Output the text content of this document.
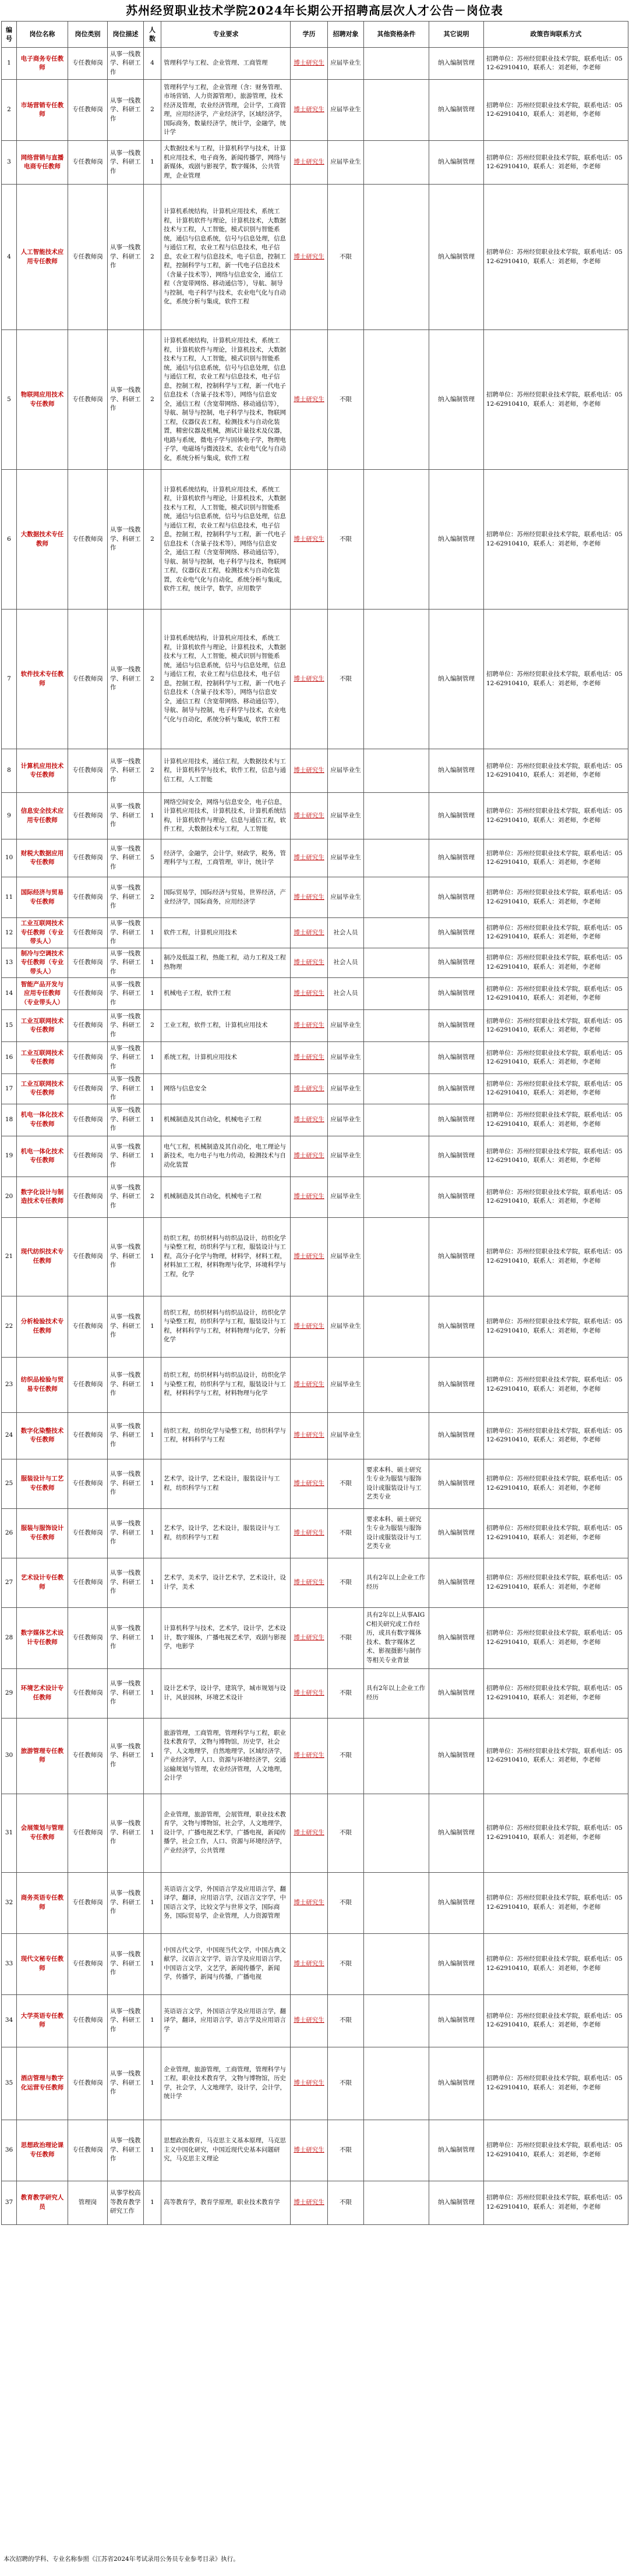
苏州经贸职业技术学院2024年长期公开招聘高层次人才公告－岗位表
编号	岗位名称	岗位类别	岗位描述	人数	专业要求	学历	招聘对象	其他资格条件	其它说明	政策咨询联系方式
1	电子商务专任教师	专任教师岗	从事一线教学、科研工作	4	管理科学与工程、企业管理、工商管理	博士研究生	应届毕业生		纳入编制管理	招聘单位：苏州经贸职业技术学院，联系电话：0512-62910410，联系人：刘老师，李老师
2	市场营销专任教师	专任教师岗	从事一线教学、科研工作	2	管理科学与工程，企业管理（含：财务管理、市场营销、人力资源管理），旅游管理，技术经济及管理，农业经济管理，会计学，工商管理，应用经济学，产业经济学，区域经济学，国际商务，数量经济学，统计学，金融学，统计学	博士研究生	应届毕业生		纳入编制管理	招聘单位：苏州经贸职业技术学院，联系电话：0512-62910410，联系人：刘老师，李老师
3	网络营销与直播电商专任教师	专任教师岗	从事一线教学、科研工作	1	大数据技术与工程，计算机科学与技术，计算机应用技术，电子商务，新闻传播学，网络与新媒体，戏剧与影视学，数字媒体，公共管理，企业管理	博士研究生	应届毕业生		纳入编制管理	招聘单位：苏州经贸职业技术学院，联系电话：0512-62910410，联系人：刘老师，李老师
4	人工智能技术应用专任教师	专任教师岗	从事一线教学、科研工作	2	计算机系统结构，计算机应用技术，系统工程，计算机软件与理论，计算机技术，大数据技术与工程，人工智能，模式识别与智能系统，通信与信息系统，信号与信息处理，信息与通信工程，农业工程与信息技术，电子信息，农业工程与信息技术，电子信息，控制工程，控制科学与工程，新一代电子信息技术（含量子技术等），网络与信息安全，通信工程（含宽带网络、移动通信等），导航、制导与控制，电子科学与技术，农业电气化与自动化，系统分析与集成，软件工程	博士研究生	不限		纳入编制管理	招聘单位：苏州经贸职业技术学院，联系电话：0512-62910410，联系人：刘老师，李老师
5	物联网应用技术专任教师	专任教师岗	从事一线教学、科研工作	2	计算机系统结构，计算机应用技术，系统工程，计算机软件与理论，计算机技术，大数据技术与工程，人工智能，模式识别与智能系统，通信与信息系统，信号与信息处理，信息与通信工程，农业工程与信息技术，电子信息，控制工程，控制科学与工程，新一代电子信息技术（含量子技术等），网络与信息安全，通信工程（含宽带网络、移动通信等），导航、制导与控制，电子科学与技术，物联网工程，仪器仪表工程，检测技术与自动化装置，精密仪器及机械，测试计量技术及仪器，电路与系统，微电子学与固体电子学，物理电子学，电磁场与微波技术，农业电气化与自动化，系统分析与集成，软件工程	博士研究生	不限		纳入编制管理	招聘单位：苏州经贸职业技术学院，联系电话：0512-62910410，联系人：刘老师，李老师
6	大数据技术专任教师	专任教师岗	从事一线教学、科研工作	2	计算机系统结构，计算机应用技术，系统工程，计算机软件与理论，计算机技术，大数据技术与工程，人工智能，模式识别与智能系统，通信与信息系统，信号与信息处理，信息与通信工程，农业工程与信息技术，电子信息，控制工程，控制科学与工程，新一代电子信息技术（含量子技术等），网络与信息安全，通信工程（含宽带网络、移动通信等），导航、制导与控制，电子科学与技术，物联网工程，仪器仪表工程，检测技术与自动化装置，农业电气化与自动化，系统分析与集成，软件工程，统计学，数学，应用数学	博士研究生	不限		纳入编制管理	招聘单位：苏州经贸职业技术学院，联系电话：0512-62910410，联系人：刘老师，李老师
7	软件技术专任教师	专任教师岗	从事一线教学、科研工作	2	计算机系统结构，计算机应用技术，系统工程，计算机软件与理论，计算机技术，大数据技术与工程，人工智能，模式识别与智能系统，通信与信息系统，信号与信息处理，信息与通信工程，农业工程与信息技术，电子信息，控制工程，控制科学与工程，新一代电子信息技术（含量子技术等），网络与信息安全，通信工程（含宽带网络、移动通信等），导航、制导与控制，电子科学与技术，农业电气化与自动化，系统分析与集成，软件工程	博士研究生	不限		纳入编制管理	招聘单位：苏州经贸职业技术学院，联系电话：0512-62910410，联系人：刘老师，李老师
8	计算机应用技术专任教师	专任教师岗	从事一线教学、科研工作	2	计算机应用技术，通信工程，大数据技术与工程，计算机科学与技术，软件工程，信息与通信工程，人工智能	博士研究生	应届毕业生		纳入编制管理	招聘单位：苏州经贸职业技术学院，联系电话：0512-62910410，联系人：刘老师，李老师
9	信息安全技术应用专任教师	专任教师岗	从事一线教学、科研工作	1	网络空间安全，网络与信息安全，电子信息，计算机应用技术，计算机技术，计算机系统结构，计算机软件与理论，信息与通信工程，软件工程，大数据技术与工程，人工智能	博士研究生	应届毕业生		纳入编制管理	招聘单位：苏州经贸职业技术学院，联系电话：0512-62910410，联系人：刘老师，李老师
10	财税大数据应用专任教师	专任教师岗	从事一线教学、科研工作	5	经济学，金融学，会计学，财政学，税务，管理科学与工程，工商管理，审计，统计学	博士研究生	应届毕业生		纳入编制管理	招聘单位：苏州经贸职业技术学院，联系电话：0512-62910410，联系人：刘老师，李老师
11	国际经济与贸易专任教师	专任教师岗	从事一线教学、科研工作	2	国际贸易学，国际经济与贸易，世界经济，产业经济学，国际商务，应用经济学	博士研究生	应届毕业生		纳入编制管理	招聘单位：苏州经贸职业技术学院，联系电话：0512-62910410，联系人：刘老师，李老师
12	工业互联网技术专任教师（专业带头人）	专任教师岗	从事一线教学、科研工作	1	软件工程，计算机应用技术	博士研究生	社会人员		纳入编制管理	招聘单位：苏州经贸职业技术学院，联系电话：0512-62910410，联系人：刘老师，李老师
13	制冷与空调技术专任教师（专业带头人）	专任教师岗	从事一线教学、科研工作	1	制冷及低温工程，热能工程，动力工程及工程热物理	博士研究生	社会人员		纳入编制管理	招聘单位：苏州经贸职业技术学院，联系电话：0512-62910410，联系人：刘老师，李老师
14	智能产品开发与应用专任教师（专业带头人）	专任教师岗	从事一线教学、科研工作	1	机械电子工程，软件工程	博士研究生	社会人员		纳入编制管理	招聘单位：苏州经贸职业技术学院，联系电话：0512-62910410，联系人：刘老师，李老师
15	工业互联网技术专任教师	专任教师岗	从事一线教学、科研工作	2	工业工程，软件工程，计算机应用技术	博士研究生	应届毕业生		纳入编制管理	招聘单位：苏州经贸职业技术学院，联系电话：0512-62910410，联系人：刘老师，李老师
16	工业互联网技术专任教师	专任教师岗	从事一线教学、科研工作	1	系统工程，计算机应用技术	博士研究生	应届毕业生		纳入编制管理	招聘单位：苏州经贸职业技术学院，联系电话：0512-62910410，联系人：刘老师，李老师
17	工业互联网技术专任教师	专任教师岗	从事一线教学、科研工作	1	网络与信息安全	博士研究生	应届毕业生		纳入编制管理	招聘单位：苏州经贸职业技术学院，联系电话：0512-62910410，联系人：刘老师，李老师
18	机电一体化技术专任教师	专任教师岗	从事一线教学、科研工作	1	机械制造及其自动化，机械电子工程	博士研究生	应届毕业生		纳入编制管理	招聘单位：苏州经贸职业技术学院，联系电话：0512-62910410，联系人：刘老师，李老师
19	机电一体化技术专任教师	专任教师岗	从事一线教学、科研工作	1	电气工程，机械制造及其自动化，电工理论与新技术，电力电子与电力传动，检测技术与自动化装置	博士研究生	应届毕业生		纳入编制管理	招聘单位：苏州经贸职业技术学院，联系电话：0512-62910410，联系人：刘老师，李老师
20	数字化设计与制造技术专任教师	专任教师岗	从事一线教学、科研工作	2	机械制造及其自动化，机械电子工程	博士研究生	应届毕业生		纳入编制管理	招聘单位：苏州经贸职业技术学院，联系电话：0512-62910410，联系人：刘老师，李老师
21	现代纺织技术专任教师	专任教师岗	从事一线教学、科研工作	1	纺织工程，纺织材料与纺织品设计，纺织化学与染整工程，纺织科学与工程，服装设计与工程，高分子化学与物理，材料学，材料工程，材料加工工程，材料物理与化学，环境科学与工程，化学	博士研究生	应届毕业生		纳入编制管理	招聘单位：苏州经贸职业技术学院，联系电话：0512-62910410，联系人：刘老师，李老师
22	分析检验技术专任教师	专任教师岗	从事一线教学、科研工作	1	纺织工程，纺织材料与纺织品设计，纺织化学与染整工程，纺织科学与工程，服装设计与工程，材料科学与工程，材料物理与化学，分析化学	博士研究生	应届毕业生		纳入编制管理	招聘单位：苏州经贸职业技术学院，联系电话：0512-62910410，联系人：刘老师，李老师
23	纺织品检验与贸易专任教师	专任教师岗	从事一线教学、科研工作	1	纺织工程，纺织材料与纺织品设计，纺织化学与染整工程，纺织科学与工程，服装设计与工程，材料科学与工程，材料物理与化学	博士研究生	应届毕业生		纳入编制管理	招聘单位：苏州经贸职业技术学院，联系电话：0512-62910410，联系人：刘老师，李老师
24	数字化染整技术专任教师	专任教师岗	从事一线教学、科研工作	1	纺织工程，纺织化学与染整工程，纺织科学与工程，材料科学与工程	博士研究生	应届毕业生		纳入编制管理	招聘单位：苏州经贸职业技术学院，联系电话：0512-62910410，联系人：刘老师，李老师
25	服装设计与工艺专任教师	专任教师岗	从事一线教学、科研工作	1	艺术学，设计学，艺术设计，服装设计与工程，纺织科学与工程	博士研究生	不限	要求本科、硕士研究生专业为服装与服饰设计或服装设计与工艺类专业	纳入编制管理	招聘单位：苏州经贸职业技术学院，联系电话：0512-62910410，联系人：刘老师，李老师
26	服装与服饰设计专任教师	专任教师岗	从事一线教学、科研工作	1	艺术学，设计学，艺术设计，服装设计与工程，纺织科学与工程	博士研究生	不限	要求本科、硕士研究生专业为服装与服饰设计或服装设计与工艺类专业	纳入编制管理	招聘单位：苏州经贸职业技术学院，联系电话：0512-62910410，联系人：刘老师，李老师
27	艺术设计专任教师	专任教师岗	从事一线教学、科研工作	1	艺术学，美术学，设计艺术学，艺术设计，设计学，美术	博士研究生	不限	具有2年以上企业工作经历	纳入编制管理	招聘单位：苏州经贸职业技术学院，联系电话：0512-62910410，联系人：刘老师，李老师
28	数字媒体艺术设计专任教师	专任教师岗	从事一线教学、科研工作	1	计算机科学与技术，艺术学，设计学，艺术设计，数字媒体，广播电视艺术学，戏剧与影视学，电影学	博士研究生	不限	具有2年以上从事AIGC相关研究或工作经历，或具有数字媒体技术、数字媒体艺术、影视摄影与制作等相关专业背景	纳入编制管理	招聘单位：苏州经贸职业技术学院，联系电话：0512-62910410，联系人：刘老师，李老师
29	环境艺术设计专任教师	专任教师岗	从事一线教学、科研工作	1	设计艺术学，设计学，建筑学，城市规划与设计，风景园林，环境艺术设计	博士研究生	不限	具有2年以上企业工作经历	纳入编制管理	招聘单位：苏州经贸职业技术学院，联系电话：0512-62910410，联系人：刘老师，李老师
30	旅游管理专任教师	专任教师岗	从事一线教学、科研工作	1	旅游管理，工商管理，管理科学与工程，职业技术教育学，文物与博物馆，历史学，社会学，人文地理学，自然地理学，区域经济学，产业经济学，人口、资源与环境经济学，交通运输规划与管理，农业经济管理，人文地理，会计学	博士研究生	不限		纳入编制管理	招聘单位：苏州经贸职业技术学院，联系电话：0512-62910410，联系人：刘老师，李老师
31	会展策划与管理专任教师	专任教师岗	从事一线教学、科研工作	1	企业管理，旅游管理，会展管理，职业技术教育学，文物与博物馆，社会学，人文地理学，设计学，广播电视艺术学，广播电视，新闻传播学，社会工作，人口、资源与环境经济学，产业经济学，公共管理	博士研究生	不限		纳入编制管理	招聘单位：苏州经贸职业技术学院，联系电话：0512-62910410，联系人：刘老师，李老师
32	商务英语专任教师	专任教师岗	从事一线教学、科研工作	1	英语语言文学，外国语言学及应用语言学，翻译学，翻译，应用语言学，汉语言文字学，中国语言文学，比较文学与世界文学，国际商务，国际贸易学，企业管理，人力资源管理	博士研究生	不限		纳入编制管理	招聘单位：苏州经贸职业技术学院，联系电话：0512-62910410，联系人：刘老师，李老师
33	现代文秘专任教师	专任教师岗	从事一线教学、科研工作	1	中国古代文学，中国现当代文学，中国古典文献学，汉语言文字学，语言学及应用语言学，中国语言文学，文艺学，新闻传播学，新闻学，传播学，新闻与传播，广播电视	博士研究生	不限		纳入编制管理	招聘单位：苏州经贸职业技术学院，联系电话：0512-62910410，联系人：刘老师，李老师
34	大学英语专任教师	专任教师岗	从事一线教学、科研工作	1	英语语言文学，外国语言学及应用语言学，翻译学，翻译，应用语言学，语言学及应用语言学	博士研究生	不限		纳入编制管理	招聘单位：苏州经贸职业技术学院，联系电话：0512-62910410，联系人：刘老师，李老师
35	酒店管理与数字化运营专任教师	专任教师岗	从事一线教学、科研工作	1	企业管理，旅游管理，工商管理，管理科学与工程，职业技术教育学，文物与博物馆，历史学，社会学，人文地理学，设计学，会计学，统计学	博士研究生	不限		纳入编制管理	招聘单位：苏州经贸职业技术学院，联系电话：0512-62910410，联系人：刘老师，李老师
36	思想政治理论课专任教师	专任教师岗	从事一线教学、科研工作	1	思想政治教育，马克思主义基本原理，马克思主义中国化研究，中国近现代史基本问题研究，马克思主义理论	博士研究生	不限		纳入编制管理	招聘单位：苏州经贸职业技术学院，联系电话：0512-62910410，联系人：刘老师，李老师
37	教育教学研究人员	管理岗	从事学校高等教育教学研究工作	1	高等教育学，教育学原理，职业技术教育学	博士研究生	不限		纳入编制管理	招聘单位：苏州经贸职业技术学院，联系电话：0512-62910410，联系人：刘老师，李老师
本次招聘的学科、专业名称参照《江苏省2024年考试录用公务员专业参考目录》执行。
